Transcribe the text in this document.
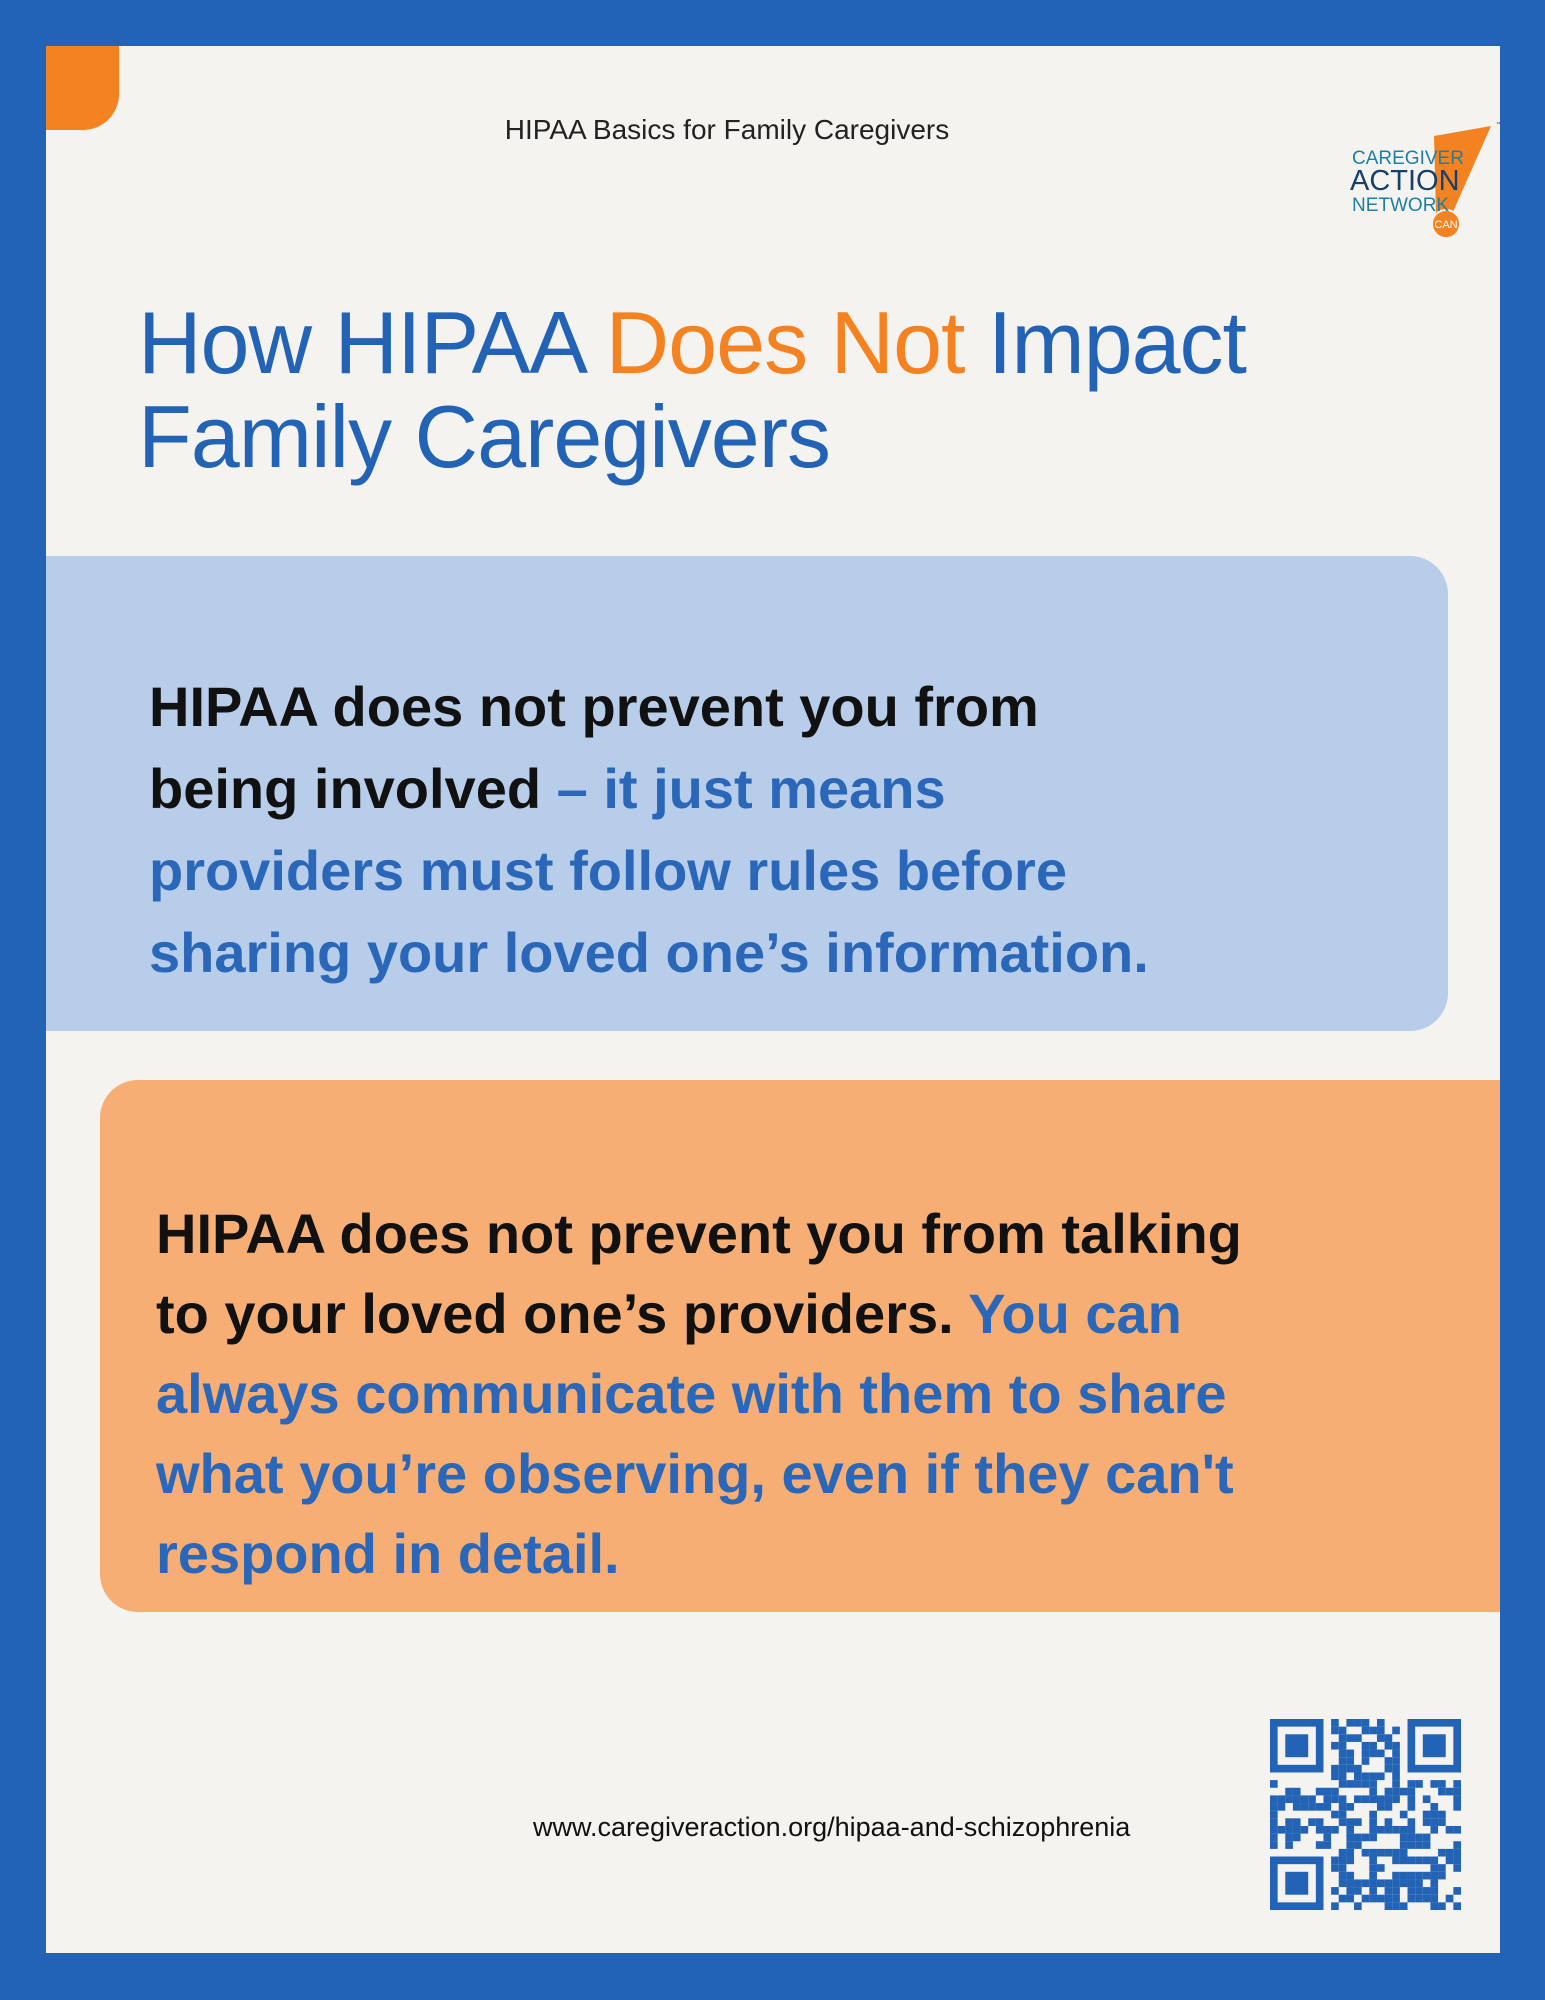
HIPAA Basics for Family Caregivers
CAN
CAREGIVER
ACTION
NETWORK
™
How HIPAA Does Not Impact
Family Caregivers
HIPAA does not prevent you from
being involved – it just means
providers must follow rules before
sharing your loved one’s information.
HIPAA does not prevent you from talking
to your loved one’s providers. You can
always communicate with them to share
what you’re observing, even if they can't
respond in detail.
www.caregiveraction.org/hipaa-and-schizophrenia
